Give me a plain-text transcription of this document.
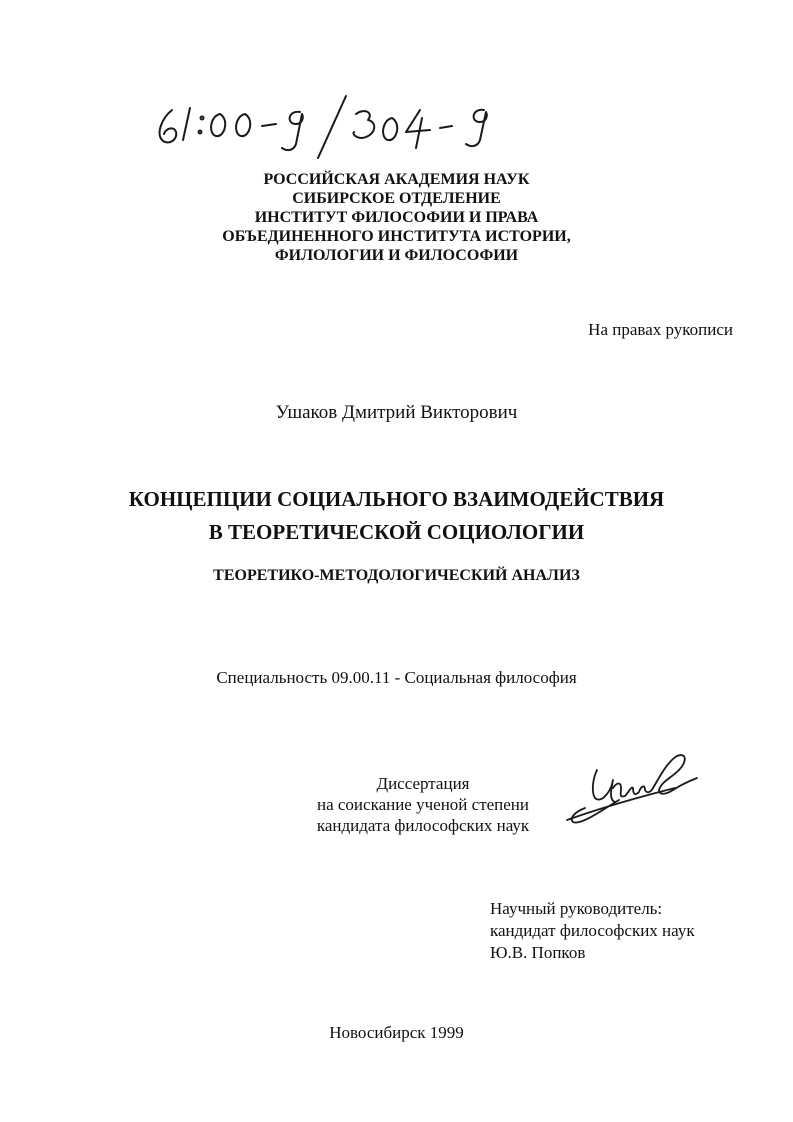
РОССИЙСКАЯ АКАДЕМИЯ НАУК
СИБИРСКОЕ ОТДЕЛЕНИЕ
ИНСТИТУТ ФИЛОСОФИИ И ПРАВА
ОБЪЕДИНЕННОГО ИНСТИТУТА ИСТОРИИ,
ФИЛОЛОГИИ И ФИЛОСОФИИ
На правах рукописи
Ушаков Дмитрий Викторович
КОНЦЕПЦИИ СОЦИАЛЬНОГО ВЗАИМОДЕЙСТВИЯ
В ТЕОРЕТИЧЕСКОЙ СОЦИОЛОГИИ
ТЕОРЕТИКО-МЕТОДОЛОГИЧЕСКИЙ АНАЛИЗ
Специальность 09.00.11 - Социальная философия
Диссертация
на соискание ученой степени
кандидата философских наук
Научный руководитель:
кандидат философских наук
Ю.В. Попков
Новосибирск 1999
